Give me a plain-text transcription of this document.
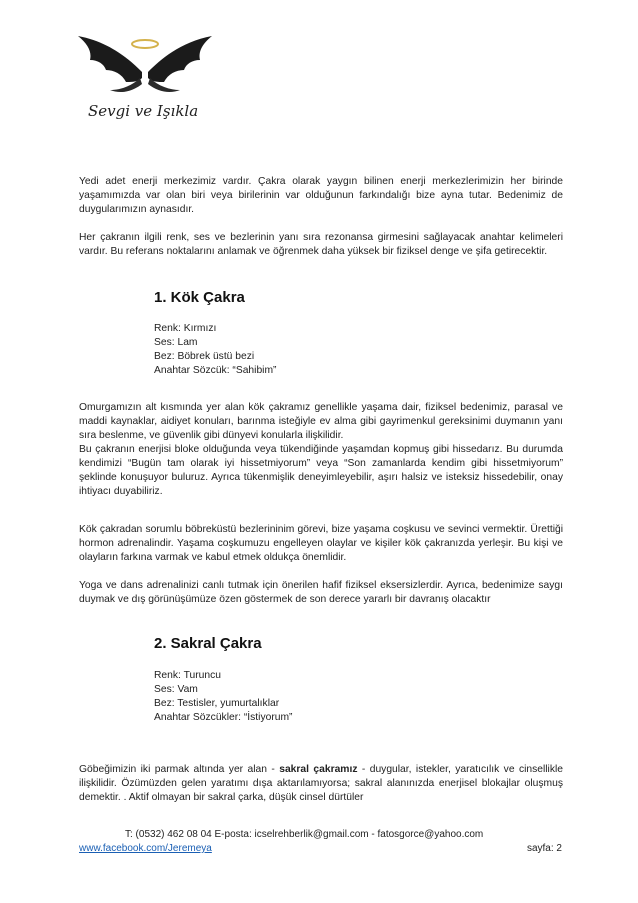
Sevgi ve Işıkla

Yedi adet enerji merkezimiz vardır. Çakra olarak yaygın bilinen enerji merkezlerimizin her birinde yaşamımızda var olan biri veya birilerinin var olduğunun farkındalığı bize ayna tutar. Bedenimiz de duygularımızın aynasıdır.

Her çakranın ilgili renk, ses ve bezlerinin yanı sıra rezonansa girmesini sağlayacak anahtar kelimeleri vardır. Bu referans noktalarını anlamak ve öğrenmek daha yüksek bir fiziksel denge ve şifa getirecektir.

1. Kök Çakra
Renk: Kırmızı
Ses: Lam
Bez: Böbrek üstü bezi
Anahtar Sözcük: “Sahibim”

Omurgamızın alt kısmında yer alan kök çakramız genellikle yaşama dair, fiziksel bedenimiz, parasal ve maddi kaynaklar, aidiyet konuları, barınma isteğiyle ev alma gibi gayrimenkul gereksinimi duymanın yanı sıra beslenme, ve güvenlik gibi dünyevi konularla ilişkilidir.

Bu çakranın enerjisi bloke olduğunda veya tükendiğinde yaşamdan kopmuş gibi hissedarız. Bu durumda kendimizi “Bugün tam olarak iyi hissetmiyorum” veya “Son zamanlarda kendim gibi hissetmiyorum” şeklinde konuşuyor buluruz. Ayrıca tükenmişlik deneyimleyebilir, aşırı halsiz ve isteksiz hissedebilir, onay ihtiyacı duyabiliriz.

Kök çakradan sorumlu böbreküstü bezlerininim görevi, bize yaşama coşkusu ve sevinci vermektir. Ürettiği hormon adrenalindir. Yaşama coşkumuzu engelleyen olaylar ve kişiler kök çakranızda yerleşir. Bu kişi ve olayların farkına varmak ve kabul etmek oldukça önemlidir.

Yoga ve dans adrenalinizi canlı tutmak için önerilen hafif fiziksel eksersizlerdir. Ayrıca, bedenimize saygı duymak ve dış görünüşümüze özen göstermek de son derece yararlı bir davranış olacaktır

2. Sakral Çakra
Renk: Turuncu
Ses: Vam
Bez: Testisler, yumurtalıklar
Anahtar Sözcükler: “İstiyorum”

Göbeğimizin iki parmak altında yer alan - sakral çakramız - duygular, istekler, yaratıcılık ve cinsellikle ilişkilidir. Özümüzden gelen yaratımı dışa aktarılamıyorsa; sakral alanınızda enerjisel blokajlar oluşmuş demektir. . Aktif olmayan bir sakral çarka, düşük cinsel dürtüler

T: (0532) 462 08 04 E-posta: icselrehberlik@gmail.com - fatosgorce@yahoo.com
www.facebook.com/Jeremeya	sayfa: 2
